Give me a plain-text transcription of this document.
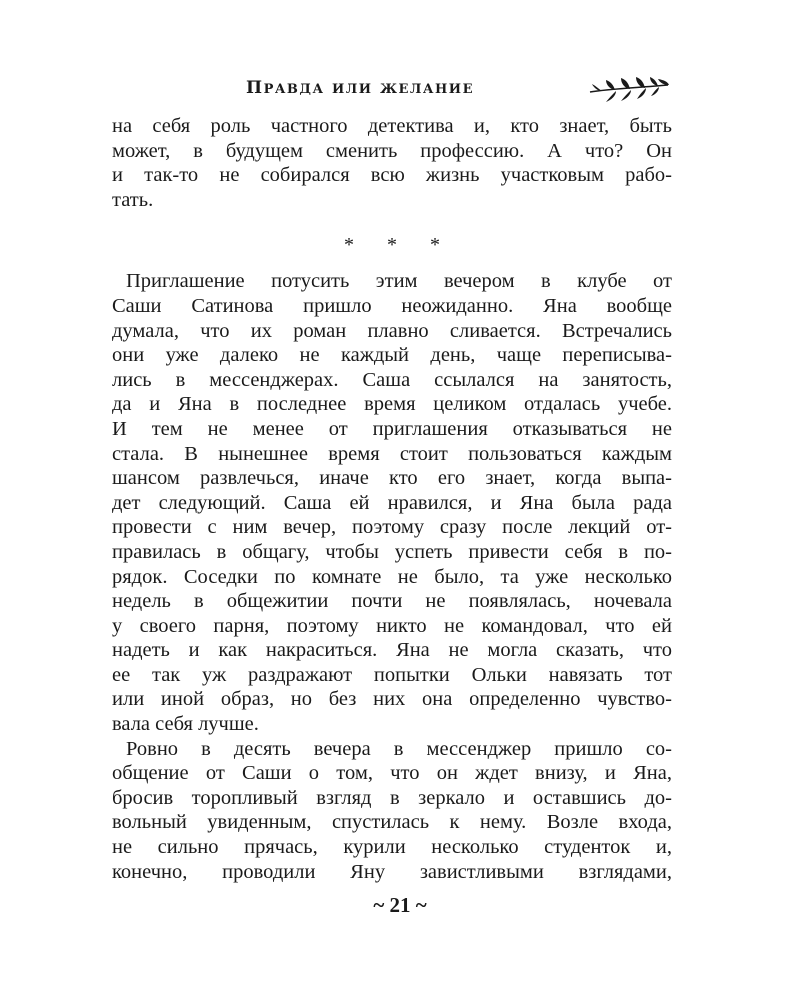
ПРАВДА ИЛИ ЖЕЛАНИЕ
на себя роль частного детектива и, кто знает, быть
может, в будущем сменить профессию. А что? Он
и так-то не собирался всю жизнь участковым рабо-
тать.
* * *
Приглашение потусить этим вечером в клубе от
Саши Сатинова пришло неожиданно. Яна вообще
думала, что их роман плавно сливается. Встречались
они уже далеко не каждый день, чаще переписыва-
лись в мессенджерах. Саша ссылался на занятость,
да и Яна в последнее время целиком отдалась учебе.
И тем не менее от приглашения отказываться не
стала. В нынешнее время стоит пользоваться каждым
шансом развлечься, иначе кто его знает, когда выпа-
дет следующий. Саша ей нравился, и Яна была рада
провести с ним вечер, поэтому сразу после лекций от-
правилась в общагу, чтобы успеть привести себя в по-
рядок. Соседки по комнате не было, та уже несколько
недель в общежитии почти не появлялась, ночевала
у своего парня, поэтому никто не командовал, что ей
надеть и как накраситься. Яна не могла сказать, что
ее так уж раздражают попытки Ольки навязать тот
или иной образ, но без них она определенно чувство-
вала себя лучше.
Ровно в десять вечера в мессенджер пришло со-
общение от Саши о том, что он ждет внизу, и Яна,
бросив торопливый взгляд в зеркало и оставшись до-
вольный увиденным, спустилась к нему. Возле входа,
не сильно прячась, курили несколько студенток и,
конечно, проводили Яну завистливыми взглядами,
~ 21 ~
